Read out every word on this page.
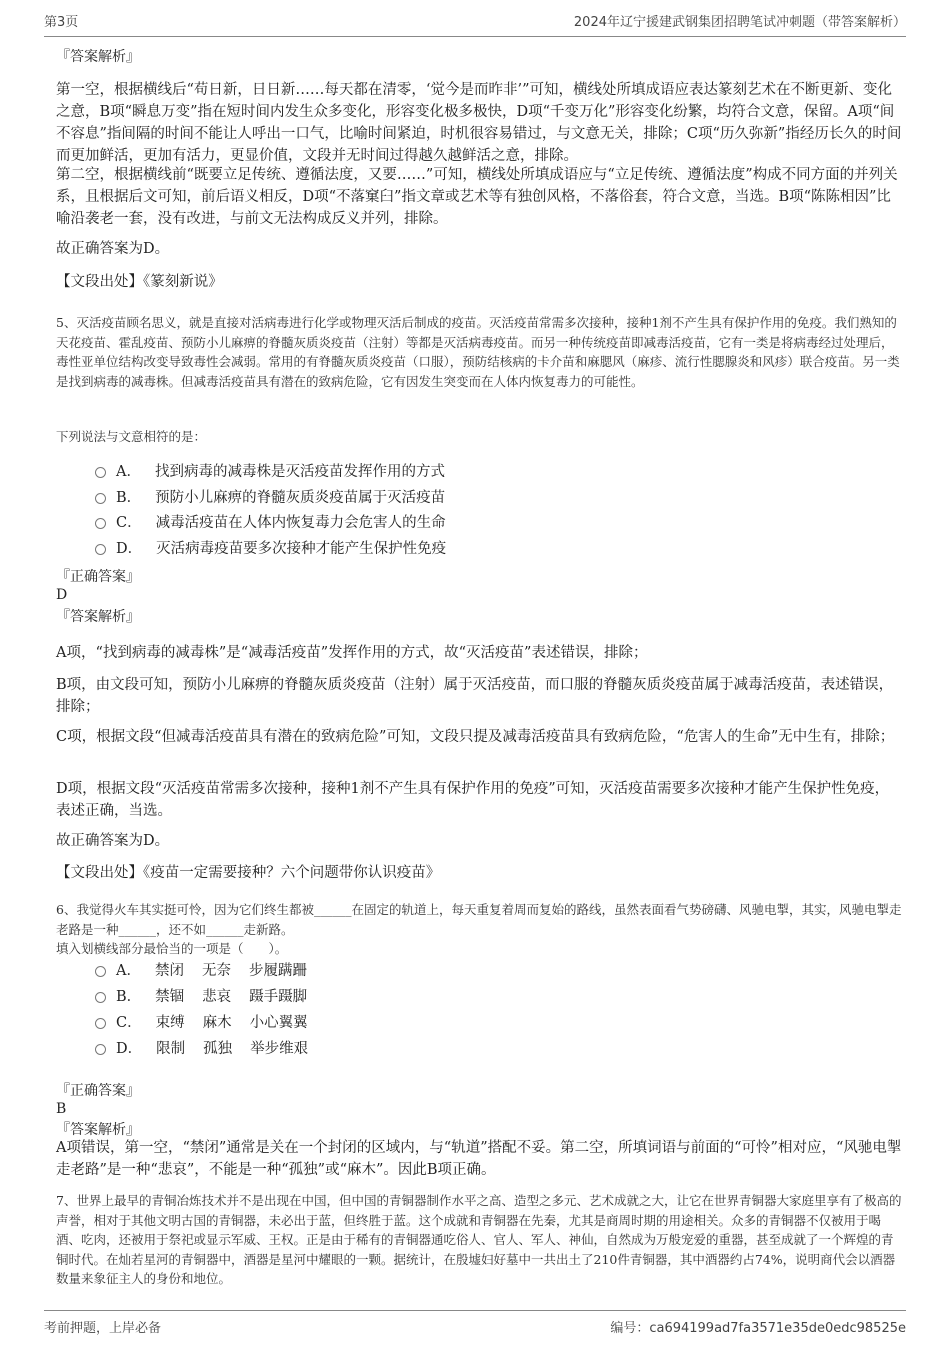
第3页	2024年辽宁援建武钢集团招聘笔试冲刺题（带答案解析）
『答案解析』
第一空，根据横线后“苟日新，日日新……每天都在清零，‘觉今是而昨非’”可知，横线处所填成语应表达篆刻艺术在不断更新、变化之意，B项“瞬息万变”指在短时间内发生众多变化，形容变化极多极快，D项“千变万化”形容变化纷繁，均符合文意，保留。A项“间不容息”指间隔的时间不能让人呼出一口气，比喻时间紧迫，时机很容易错过，与文意无关，排除；C项“历久弥新”指经历长久的时间而更加鲜活，更加有活力，更显价值，文段并无时间过得越久越鲜活之意，排除。
第二空，根据横线前“既要立足传统、遵循法度，又要……”可知，横线处所填成语应与“立足传统、遵循法度”构成不同方面的并列关系，且根据后文可知，前后语义相反，D项“不落窠臼”指文章或艺术等有独创风格，不落俗套，符合文意，当选。B项“陈陈相因”比喻沿袭老一套，没有改进，与前文无法构成反义并列，排除。
故正确答案为D。
【文段出处】《篆刻新说》
5、灭活疫苗顾名思义，就是直接对活病毒进行化学或物理灭活后制成的疫苗。灭活疫苗常需多次接种，接种1剂不产生具有保护作用的免疫。我们熟知的天花疫苗、霍乱疫苗、预防小儿麻痹的脊髓灰质炎疫苗（注射）等都是灭活病毒疫苗。而另一种传统疫苗即减毒活疫苗，它有一类是将病毒经过处理后，毒性亚单位结构改变导致毒性会减弱。常用的有脊髓灰质炎疫苗（口服），预防结核病的卡介苗和麻腮风（麻疹、流行性腮腺炎和风疹）联合疫苗。另一类是找到病毒的减毒株。但减毒活疫苗具有潜在的致病危险，它有因发生突变而在人体内恢复毒力的可能性。
下列说法与文意相符的是：
A． 找到病毒的减毒株是灭活疫苗发挥作用的方式
B． 预防小儿麻痹的脊髓灰质炎疫苗属于灭活疫苗
C． 减毒活疫苗在人体内恢复毒力会危害人的生命
D． 灭活病毒疫苗要多次接种才能产生保护性免疫
『正确答案』
D
『答案解析』
A项，“找到病毒的减毒株”是“减毒活疫苗”发挥作用的方式，故“灭活疫苗”表述错误，排除；
B项，由文段可知，预防小儿麻痹的脊髓灰质炎疫苗（注射）属于灭活疫苗，而口服的脊髓灰质炎疫苗属于减毒活疫苗，表述错误，排除；
C项，根据文段“但减毒活疫苗具有潜在的致病危险”可知，文段只提及减毒活疫苗具有致病危险，“危害人的生命”无中生有，排除；
D项，根据文段“灭活疫苗常需多次接种，接种1剂不产生具有保护作用的免疫”可知，灭活疫苗需要多次接种才能产生保护性免疫，表述正确，当选。
故正确答案为D。
【文段出处】《疫苗一定需要接种？六个问题带你认识疫苗》
6、我觉得火车其实挺可怜，因为它们终生都被______在固定的轨道上，每天重复着周而复始的路线，虽然表面看气势磅礴、风驰电掣，其实，风驰电掣走老路是一种______，还不如______走新路。
填入划横线部分最恰当的一项是（　　）。
A． 禁闭 无奈 步履蹒跚
B． 禁锢 悲哀 蹑手蹑脚
C． 束缚 麻木 小心翼翼
D． 限制 孤独 举步维艰
『正确答案』
B
『答案解析』
A项错误，第一空，“禁闭”通常是关在一个封闭的区域内，与“轨道”搭配不妥。第二空，所填词语与前面的“可怜”相对应，“风驰电掣走老路”是一种“悲哀”，不能是一种“孤独”或“麻木”。因此B项正确。
7、世界上最早的青铜冶炼技术并不是出现在中国，但中国的青铜器制作水平之高、造型之多元、艺术成就之大，让它在世界青铜器大家庭里享有了极高的声誉，相对于其他文明古国的青铜器，未必出于蓝，但终胜于蓝。这个成就和青铜器在先秦，尤其是商周时期的用途相关。众多的青铜器不仅被用于喝酒、吃肉，还被用于祭祀或显示军威、王权。正是由于稀有的青铜器通吃俗人、官人、军人、神仙，自然成为万般宠爱的重器，甚至成就了一个辉煌的青铜时代。在灿若星河的青铜器中，酒器是星河中耀眼的一颗。据统计，在殷墟妇好墓中一共出土了210件青铜器，其中酒器约占74%，说明商代会以酒器数量来象征主人的身份和地位。
考前押题，上岸必备	编号：ca694199ad7fa3571e35de0edc98525e
